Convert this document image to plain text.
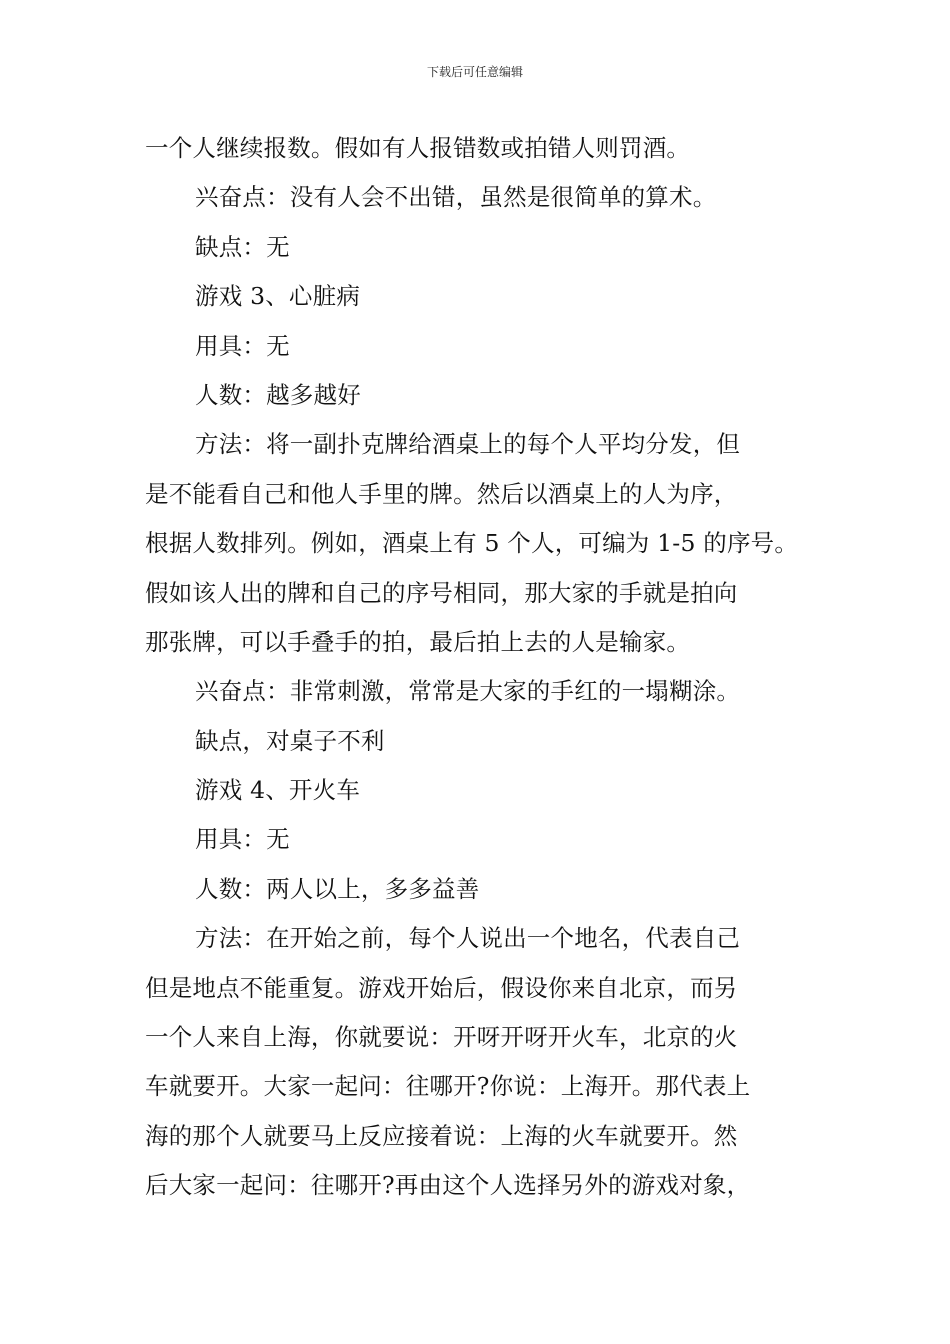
下载后可任意编辑
一个人继续报数。假如有人报错数或拍错人则罚酒。
兴奋点：没有人会不出错，虽然是很简单的算术。
缺点：无
游戏 3、心脏病
用具：无
人数：越多越好
方法：将一副扑克牌给酒桌上的每个人平均分发，但
是不能看自己和他人手里的牌。然后以酒桌上的人为序，
根据人数排列。例如，酒桌上有 5 个人，可编为 1-5 的序号。
假如该人出的牌和自己的序号相同，那大家的手就是拍向
那张牌，可以手叠手的拍，最后拍上去的人是输家。
兴奋点：非常刺激，常常是大家的手红的一塌糊涂。
缺点，对桌子不利
游戏 4、开火车
用具：无
人数：两人以上，多多益善
方法：在开始之前，每个人说出一个地名，代表自己
但是地点不能重复。游戏开始后，假设你来自北京，而另
一个人来自上海，你就要说：开呀开呀开火车，北京的火
车就要开。大家一起问：往哪开?你说：上海开。那代表上
海的那个人就要马上反应接着说：上海的火车就要开。然
后大家一起问：往哪开?再由这个人选择另外的游戏对象，
